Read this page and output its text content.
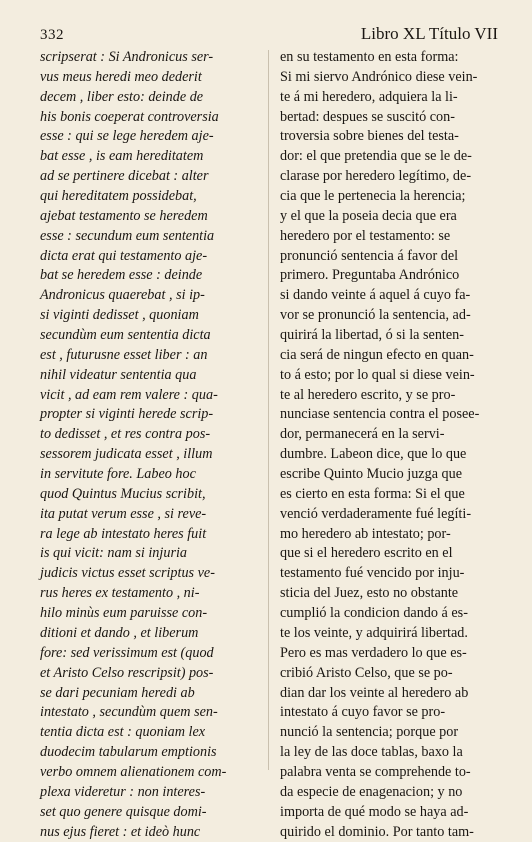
332	Libro XL Título VII
scripserat : Si Andronicus ser-
vus meus heredi meo dederit
decem , liber esto: deinde de
his bonis coeperat controversia
esse : qui se lege heredem aje-
bat esse , is eam hereditatem
ad se pertinere dicebat : alter
qui hereditatem possidebat,
ajebat testamento se heredem
esse : secundum eum sententia
dicta erat qui testamento aje-
bat se heredem esse : deinde
Andronicus quaerebat , si ip-
si viginti dedisset , quoniam
secundùm eum sententia dicta
est , futurusne esset liber : an
nihil videatur sententia qua
vicit , ad eam rem valere : qua-
propter si viginti herede scrip-
to dedisset , et res contra pos-
sessorem judicata esset , illum
in servitute fore. Labeo hoc
quod Quintus Mucius scribit,
ita putat verum esse , si reve-
ra lege ab intestato heres fuit
is qui vicit: nam si injuria
judicis victus esset scriptus ve-
rus heres ex testamento , ni-
hilo minùs eum paruisse con-
ditioni et dando , et liberum
fore: sed verissimum est (quod
et Aristo Celso rescripsit) pos-
se dari pecuniam heredi ab
intestato , secundùm quem sen-
tentia dicta est : quoniam lex
duodecim tabularum emptionis
verbo omnem alienationem com-
plexa videretur : non interes-
set quo genere quisque domi-
nus ejus fieret : et ideò hunc
en su testamento en esta forma:
Si mi siervo Andrónico diese vein-
te á mi heredero, adquiera la li-
bertad: despues se suscitó con-
troversia sobre bienes del testa-
dor: el que pretendia que se le de-
clarase por heredero legítimo, de-
cia que le pertenecia la herencia;
y el que la poseia decia que era
heredero por el testamento: se
pronunció sentencia á favor del
primero. Preguntaba Andrónico
si dando veinte á aquel á cuyo fa-
vor se pronunció la sentencia, ad-
quirirá la libertad, ó si la senten-
cia será de ningun efecto en quan-
to á esto; por lo qual si diese vein-
te al heredero escrito, y se pro-
nunciase sentencia contra el posee-
dor, permanecerá en la servi-
dumbre. Labeon dice, que lo que
escribe Quinto Mucio juzga que
es cierto en esta forma: Si el que
venció verdaderamente fué legíti-
mo heredero ab intestato; por-
que si el heredero escrito en el
testamento fué vencido por inju-
sticia del Juez, esto no obstante
cumplió la condicion dando á es-
te los veinte, y adquirirá libertad.
Pero es mas verdadero lo que es-
cribió Aristo Celso, que se po-
dian dar los veinte al heredero ab
intestato á cuyo favor se pro-
nunció la sentencia; porque por
la ley de las doce tablas, baxo la
palabra venta se comprehende to-
da especie de enagenacion; y no
importa de qué modo se haya ad-
quirido el dominio. Por tanto tam-
